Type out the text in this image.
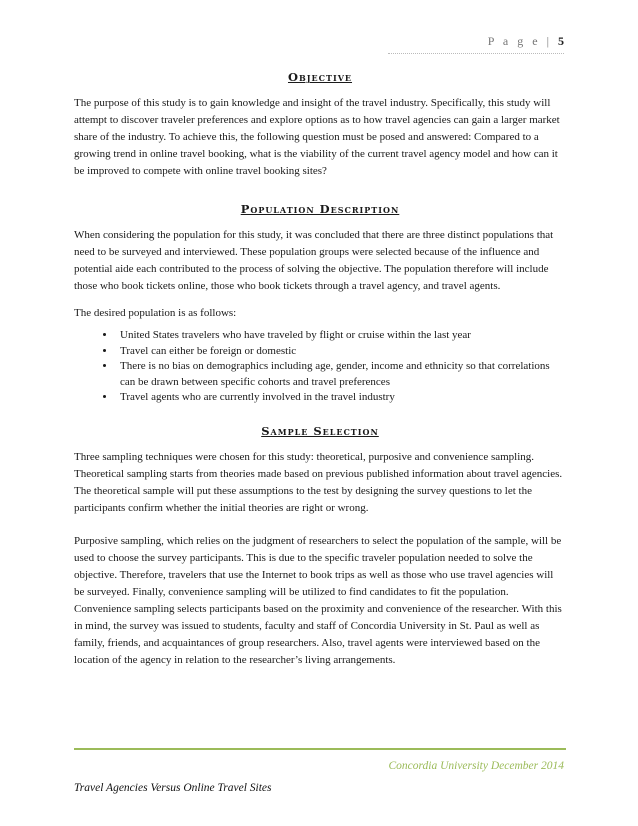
P a g e | 5
Objective

The purpose of this study is to gain knowledge and insight of the travel industry. Specifically, this study will attempt to discover traveler preferences and explore options as to how travel agencies can gain a larger market share of the industry. To achieve this, the following question must be posed and answered: Compared to a growing trend in online travel booking, what is the viability of the current travel agency model and how can it be improved to compete with online travel booking sites?

Population Description

When considering the population for this study, it was concluded that there are three distinct populations that need to be surveyed and interviewed. These population groups were selected because of the influence and potential aide each contributed to the process of solving the objective. The population therefore will include those who book tickets online, those who book tickets through a travel agency, and travel agents.

The desired population is as follows:

• United States travelers who have traveled by flight or cruise within the last year
• Travel can either be foreign or domestic
• There is no bias on demographics including age, gender, income and ethnicity so that correlations can be drawn between specific cohorts and travel preferences
• Travel agents who are currently involved in the travel industry
Sample Selection

Three sampling techniques were chosen for this study: theoretical, purposive and convenience sampling. Theoretical sampling starts from theories made based on previous published information about travel agencies. The theoretical sample will put these assumptions to the test by designing the survey questions to let the participants confirm whether the initial theories are right or wrong.

Purposive sampling, which relies on the judgment of researchers to select the population of the sample, will be used to choose the survey participants. This is due to the specific traveler population needed to solve the objective. Therefore, travelers that use the Internet to book trips as well as those who use travel agencies will be surveyed. Finally, convenience sampling will be utilized to find candidates to fit the population. Convenience sampling selects participants based on the proximity and convenience of the researcher. With this in mind, the survey was issued to students, faculty and staff of Concordia University in St. Paul as well as family, friends, and acquaintances of group researchers. Also, travel agents were interviewed based on the location of the agency in relation to the researcher’s living arrangements.

Concordia University December 2014
Travel Agencies Versus Online Travel Sites
